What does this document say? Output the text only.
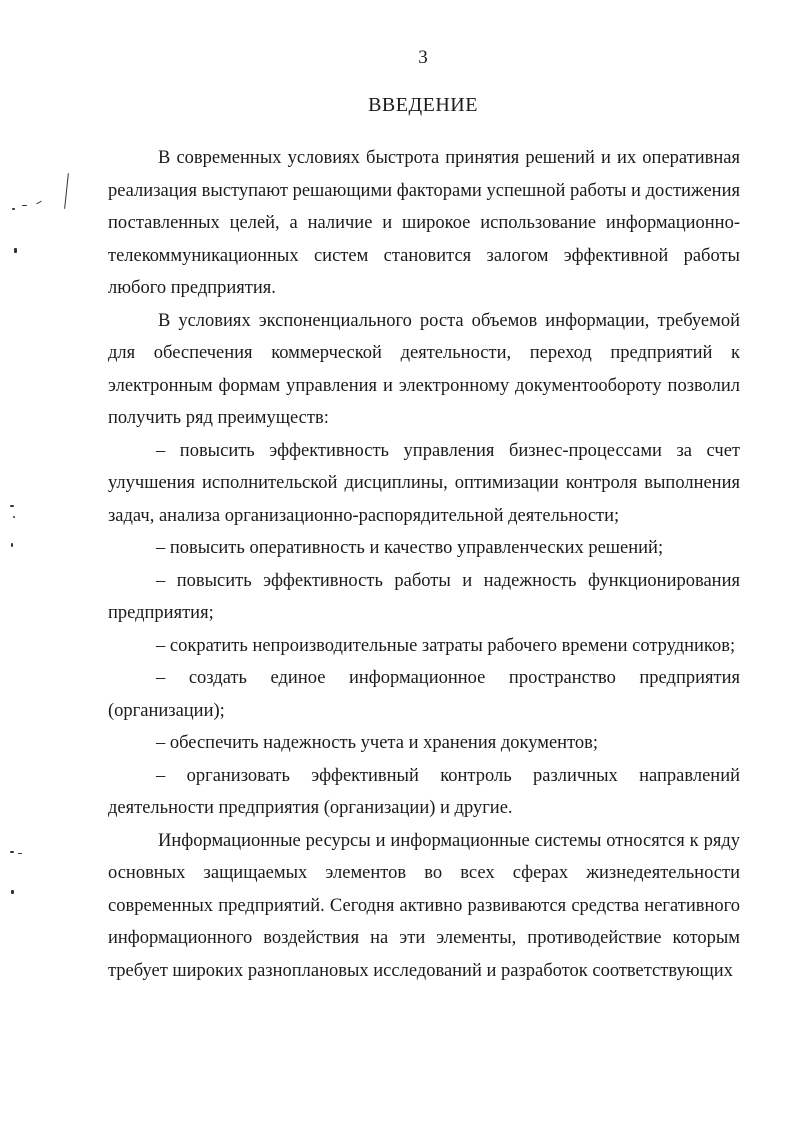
3
ВВЕДЕНИЕ

В современных условиях быстрота принятия решений и их оперативная реализация выступают решающими факторами успешной работы и достижения поставленных целей, а наличие и широкое использование информационно-телекоммуникационных систем становится залогом эффективной работы любого предприятия.

В условиях экспоненциального роста объемов информации, требуемой для обеспечения коммерческой деятельности, переход предприятий к электронным формам управления и электронному документообороту позволил получить ряд преимуществ:

– повысить эффективность управления бизнес-процессами за счет улучшения исполнительской дисциплины, оптимизации контроля выполнения задач, анализа организационно-распорядительной деятельности;

– повысить оперативность и качество управленческих решений;

– повысить эффективность работы и надежность функционирования предприятия;

– сократить непроизводительные затраты рабочего времени сотрудников;

– создать единое информационное пространство предприятия (организации);

– обеспечить надежность учета и хранения документов;

– организовать эффективный контроль различных направлений деятельности предприятия (организации) и другие.

Информационные ресурсы и информационные системы относятся к ряду основных защищаемых элементов во всех сферах жизнедеятельности современных предприятий. Сегодня активно развиваются средства негативного информационного воздействия на эти элементы, противодействие которым требует широких разноплановых исследований и разработок соответствующих
